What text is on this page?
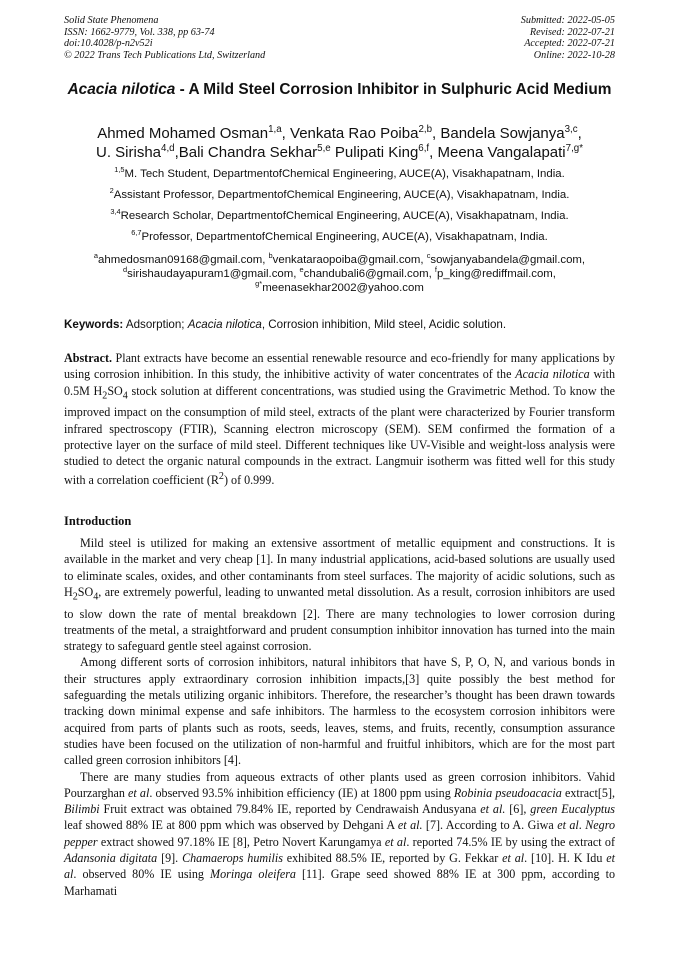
Solid State Phenomena
ISSN: 1662-9779, Vol. 338, pp 63-74
doi:10.4028/p-n2v52i
© 2022 Trans Tech Publications Ltd, Switzerland
Submitted: 2022-05-05
Revised: 2022-07-21
Accepted: 2022-07-21
Online: 2022-10-28
Acacia nilotica - A Mild Steel Corrosion Inhibitor in Sulphuric Acid Medium
Ahmed Mohamed Osman$^{1,a}$, Venkata Rao Poiba$^{2,b}$, Bandela Sowjanya$^{3,c}$,
U. Sirisha$^{4,d}$,Bali Chandra Sekhar$^{5,e}$ Pulipati King$^{6,f}$, Meena Vangalapati$^{7,g*}$
$^{1,5}$M. Tech Student, DepartmentofChemical Engineering, AUCE(A), Visakhapatnam, India.
$^2$Assistant Professor, DepartmentofChemical Engineering, AUCE(A), Visakhapatnam, India.
$^{3,4}$Research Scholar, DepartmentofChemical Engineering, AUCE(A), Visakhapatnam, India.
$^{6,7}$Professor, DepartmentofChemical Engineering, AUCE(A), Visakhapatnam, India.
$^a$ahmedosman09168@gmail.com, $^b$venkataraopoiba@gmail.com, $^c$sowjanyabandela@gmail.com,
$^d$sirishaudayapuram1@gmail.com, $^e$chandubali6@gmail.com, $^f$p_king@rediffmail.com,
$^{g*}$meenasekhar2002@yahoo.com
Keywords: Adsorption; Acacia nilotica, Corrosion inhibition, Mild steel, Acidic solution.
Abstract. Plant extracts have become an essential renewable resource and eco-friendly for many applications by using corrosion inhibition. In this study, the inhibitive activity of water concentrates of the Acacia nilotica with 0.5M $H_2SO_4$ stock solution at different concentrations, was studied using the Gravimetric Method. To know the improved impact on the consumption of mild steel, extracts of the plant were characterized by Fourier transform infrared spectroscopy (FTIR), Scanning electron microscopy (SEM). SEM confirmed the formation of a protective layer on the surface of mild steel. Different techniques like UV-Visible and weight-loss analysis were studied to detect the organic natural compounds in the extract. Langmuir isotherm was fitted well for this study with a correlation coefficient $(R^2)$ of 0.999.
Introduction

Mild steel is utilized for making an extensive assortment of metallic equipment and constructions. It is available in the market and very cheap [1]. In many industrial applications, acid-based solutions are usually used to eliminate scales, oxides, and other contaminants from steel surfaces. The majority of acidic solutions, such as $H_2SO_4$, are extremely powerful, leading to unwanted metal dissolution. As a result, corrosion inhibitors are used to slow down the rate of mental breakdown [2]. There are many technologies to lower corrosion during treatments of the metal, a straightforward and prudent consumption inhibitor innovation has turned into the main strategy to safeguard gentle steel against corrosion.

Among different sorts of corrosion inhibitors, natural inhibitors that have S, P, O, N, and various bonds in their structures apply extraordinary corrosion inhibition impacts,[3] quite possibly the best method for safeguarding the metals utilizing organic inhibitors. Therefore, the researcher’s thought has been drawn towards tracking down minimal expense and safe inhibitors. The harmless to the ecosystem corrosion inhibitors were acquired from parts of plants such as roots, seeds, leaves, stems, and fruits, recently, consumption assurance studies have been focused on the utilization of non-harmful and fruitful inhibitors, which are for the most part called green corrosion inhibitors [4].

There are many studies from aqueous extracts of other plants used as green corrosion inhibitors. Vahid Pourzarghan et al. observed 93.5% inhibition efficiency (IE) at 1800 ppm using Robinia pseudoacacia extract[5], Bilimbi Fruit extract was obtained 79.84% IE, reported by Cendrawaish Andusyana et al. [6], green Eucalyptus leaf showed 88% IE at 800 ppm which was observed by Dehgani A et al. [7]. According to A. Giwa et al. Negro pepper extract showed 97.18% IE [8], Petro Novert Karungamya et al. reported 74.5% IE by using the extract of Adansonia digitata [9]. Chamaerops humilis exhibited 88.5% IE, reported by G. Fekkar et al. [10]. H. K Idu et al. observed 80% IE using Moringa oleifera [11]. Grape seed showed 88% IE at 300 ppm, according to Marhamati
